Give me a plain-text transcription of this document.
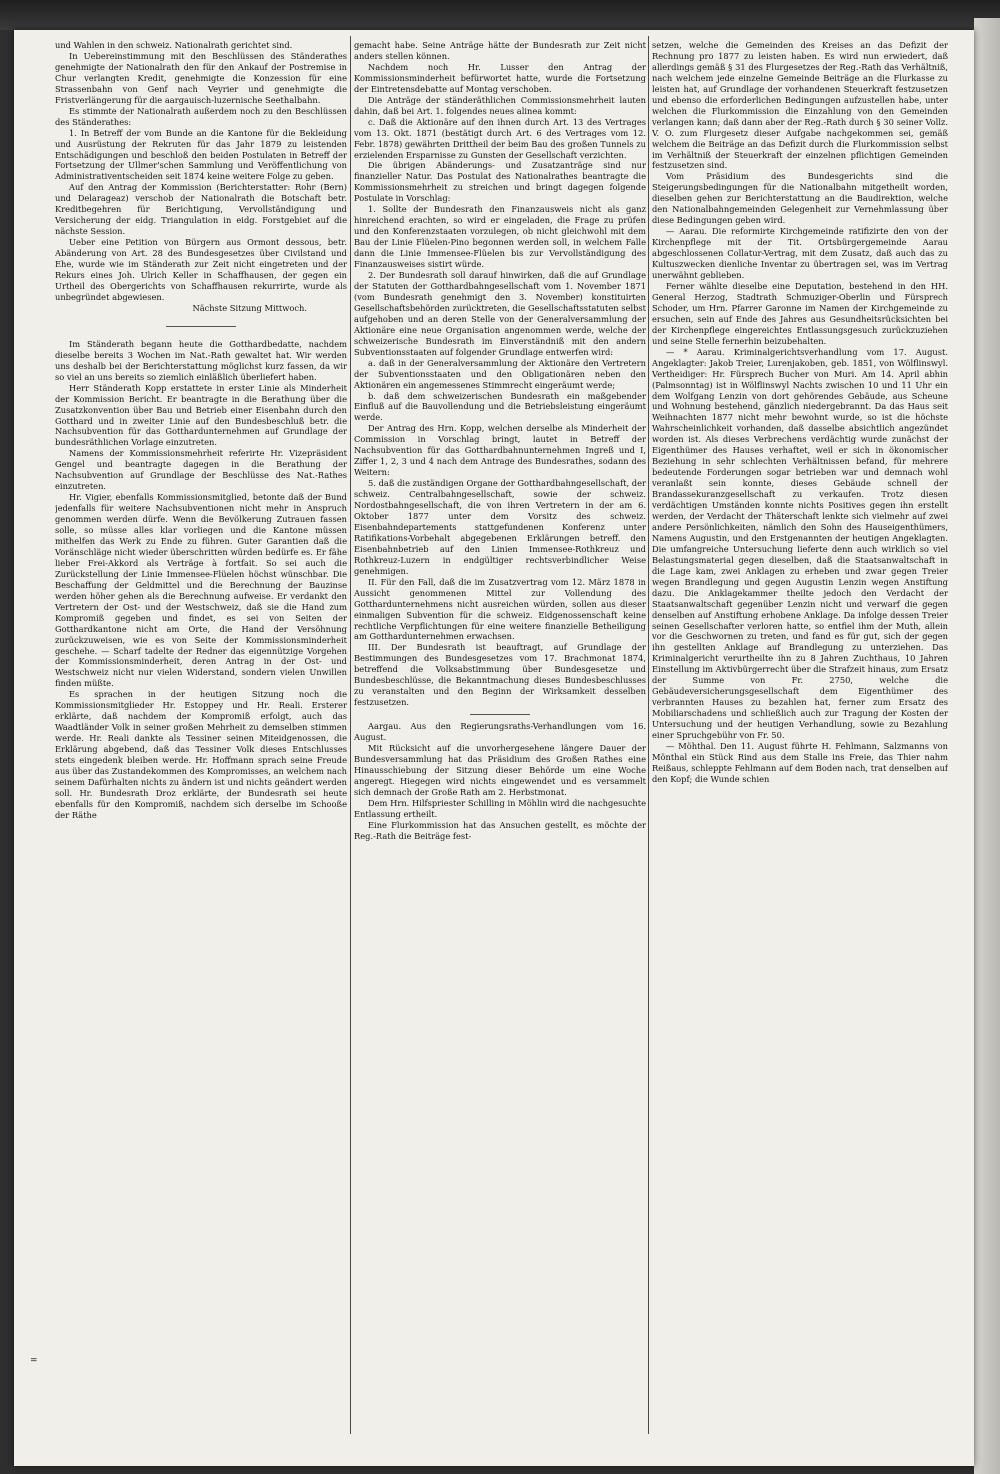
und Wahlen in den schweiz. Nationalrath gerichtet sind.

In Uebereinstimmung mit den Beschlüssen des Ständerathes genehmigte der Nationalrath den für den Ankauf der Postremise in Chur verlangten Kredit, genehmigte die Konzession für eine Strassenbahn von Genf nach Veyrier und genehmigte die Fristverlängerung für die aargauisch-luzernische Seethalbahn.

Es stimmte der Nationalrath außerdem noch zu den Beschlüssen des Ständerathes:

1. In Betreff der vom Bunde an die Kantone für die Bekleidung und Ausrüstung der Rekruten für das Jahr 1879 zu leistenden Entschädigungen und beschloß den beiden Postulaten in Betreff der Fortsetzung der Ullmer'schen Sammlung und Veröffentlichung von Administrativentscheiden seit 1874 keine weitere Folge zu geben.

Auf den Antrag der Kommission (Berichterstatter: Rohr (Bern) und Delarageaz) verschob der Nationalrath die Botschaft betr. Kreditbegehren für Berichtigung, Vervollständigung und Versicherung der eidg. Triangulation in eidg. Forstgebiet auf die nächste Session.

Ueber eine Petition von Bürgern aus Ormont dessous, betr. Abänderung von Art. 28 des Bundesgesetzes über Civilstand und Ehe, wurde wie im Ständerath zur Zeit nicht eingetreten und der Rekurs eines Joh. Ulrich Keller in Schaffhausen, der gegen ein Urtheil des Obergerichts von Schaffhausen rekurrirte, wurde als unbegründet abgewiesen.

Nächste Sitzung Mittwoch.

Im Ständerath begann heute die Gotthardbedatte, nachdem dieselbe bereits 3 Wochen im Nat.-Rath gewaltet hat. Wir werden uns deshalb bei der Berichterstattung möglichst kurz fassen, da wir so viel an uns bereits so ziemlich einläßlich überliefert haben.

Herr Ständerath Kopp erstattete in erster Linie als Minderheit der Kommission Bericht. Er beantragte in die Berathung über die Zusatzkonvention über Bau und Betrieb einer Eisenbahn durch den Gotthard und in zweiter Linie auf den Bundesbeschluß betr. die Nachsubvention für das Gotthardunternehmen auf Grundlage der bundesräthlichen Vorlage einzutreten.

Namens der Kommissionsmehrheit referirte Hr. Vizepräsident Gengel und beantragte dagegen in die Berathung der Nachsubvention auf Grundlage der Beschlüsse des Nat.-Rathes einzutreten.

Hr. Vigier, ebenfalls Kommissionsmitglied, betonte daß der Bund jedenfalls für weitere Nachsubventionen nicht mehr in Anspruch genommen werden dürfe. Wenn die Bevölkerung Zutrauen fassen solle, so müsse alles klar vorliegen und die Kantone müssen mithelfen das Werk zu Ende zu führen. Guter Garantien daß die Voränschläge nicht wieder überschritten würden bedürfe es. Er fähe lieber Frei-Akkord als Verträge à fortfait. So sei auch die Zurückstellung der Linie Immensee-Flüelen höchst wünschbar. Die Beschaffung der Geldmittel und die Berechnung der Bauzinse werden höher gehen als die Berechnung aufweise. Er verdankt den Vertretern der Ost- und der Westschweiz, daß sie die Hand zum Kompromiß gegeben und findet, es sei von Seiten der Gotthardkantone nicht am Orte, die Hand der Versöhnung zurückzuweisen, wie es von Seite der Kommissionsminderheit geschehe. — Scharf tadelte der Redner das eigennützige Vorgehen der Kommissionsminderheit, deren Antrag in der Ost- und Westschweiz nicht nur vielen Widerstand, sondern vielen Unwillen finden müßte.

Es sprachen in der heutigen Sitzung noch die Kommissionsmitglieder Hr. Estoppey und Hr. Reali. Ersterer erklärte, daß nachdem der Kompromiß erfolgt, auch das Waadtländer Volk in seiner großen Mehrheit zu demselben stimmen werde. Hr. Reali dankte als Tessiner seinen Miteidgenossen, die Erklärung abgebend, daß das Tessiner Volk dieses Entschlusses stets eingedenk bleiben werde. Hr. Hoffmann sprach seine Freude aus über das Zustandekommen des Kompromisses, an welchem nach seinem Dafürhalten nichts zu ändern ist und nichts geändert werden soll. Hr. Bundesrath Droz erklärte, der Bundesrath sei heute ebenfalls für den Kompromiß, nachdem sich derselbe im Schooße der Räthe

gemacht habe. Seine Anträge hätte der Bundesrath zur Zeit nicht anders stellen können.

Nachdem noch Hr. Lusser den Antrag der Kommissionsminderheit befürwortet hatte, wurde die Fortsetzung der Eintretensdebatte auf Montag verschoben.

Die Anträge der ständeräthlichen Commissionsmehrheit lauten dahin, daß bei Art. 1. folgendes neues alinea kommt:

c. Daß die Aktionäre auf den ihnen durch Art. 13 des Vertrages vom 13. Okt. 1871 (bestätigt durch Art. 6 des Vertrages vom 12. Febr. 1878) gewährten Drittheil der beim Bau des großen Tunnels zu erzielenden Ersparnisse zu Gunsten der Gesellschaft verzichten.

Die übrigen Abänderungs- und Zusatzanträge sind nur finanzieller Natur. Das Postulat des Nationalrathes beantragte die Kommissionsmehrheit zu streichen und bringt dagegen folgende Postulate in Vorschlag:

1. Sollte der Bundesrath den Finanzausweis nicht als ganz hinreichend erachten, so wird er eingeladen, die Frage zu prüfen und den Konferenzstaaten vorzulegen, ob nicht gleichwohl mit dem Bau der Linie Flüelen-Pino begonnen werden soll, in welchem Falle dann die Linie Immensee-Flüelen bis zur Vervollständigung des Finanzausweises sistirt würde.

2. Der Bundesrath soll darauf hinwirken, daß die auf Grundlage der Statuten der Gotthardbahngesellschaft vom 1. November 1871 (vom Bundesrath genehmigt den 3. November) konstituirten Gesellschaftsbehörden zurücktreten, die Gesellschaftsstatuten selbst aufgehoben und an deren Stelle von der Generalversammlung der Aktionäre eine neue Organisation angenommen werde, welche der schweizerische Bundesrath im Einverständniß mit den andern Subventionsstaaten auf folgender Grundlage entwerfen wird:

a. daß in der Generalversammlung der Aktionäre den Vertretern der Subventionsstaaten und den Obligationären neben den Aktionären ein angemessenes Stimmrecht eingeräumt werde;

b. daß dem schweizerischen Bundesrath ein maßgebender Einfluß auf die Bauvollendung und die Betriebsleistung eingeräumt werde.

Der Antrag des Hrn. Kopp, welchen derselbe als Minderheit der Commission in Vorschlag bringt, lautet in Betreff der Nachsubvention für das Gotthardbahnunternehmen Ingreß und I, Ziffer 1, 2, 3 und 4 nach dem Antrage des Bundesrathes, sodann des Weitern:

5. daß die zuständigen Organe der Gotthardbahngesellschaft, der schweiz. Centralbahngesellschaft, sowie der schweiz. Nordostbahngesellschaft, die von ihren Vertretern in der am 6. Oktober 1877 unter dem Vorsitz des schweiz. Eisenbahndepartements stattgefundenen Konferenz unter Ratifikations-Vorbehalt abgegebenen Erklärungen betreff. den Eisenbahnbetrieb auf den Linien Immensee-Rothkreuz und Rothkreuz-Luzern in endgültiger rechtsverbindlicher Weise genehmigen.

II. Für den Fall, daß die im Zusatzvertrag vom 12. März 1878 in Aussicht genommenen Mittel zur Vollendung des Gotthardunternehmens nicht ausreichen würden, sollen aus dieser einmaligen Subvention für die schweiz. Eidgenossenschaft keine rechtliche Verpflichtungen für eine weitere finanzielle Betheiligung am Gotthardunternehmen erwachsen.

III. Der Bundesrath ist beauftragt, auf Grundlage der Bestimmungen des Bundesgesetzes vom 17. Brachmonat 1874, betreffend die Volksabstimmung über Bundesgesetze und Bundesbeschlüsse, die Bekanntmachung dieses Bundesbeschlusses zu veranstalten und den Beginn der Wirksamkeit desselben festzusetzen.

Aargau. Aus den Regierungsraths-Verhandlungen vom 16. August.

Mit Rücksicht auf die unvorhergesehene längere Dauer der Bundesversammlung hat das Präsidium des Großen Rathes eine Hinausschiebung der Sitzung dieser Behörde um eine Woche angeregt. Hiegegen wird nichts eingewendet und es versammelt sich demnach der Große Rath am 2. Herbstmonat.

Dem Hrn. Hilfspriester Schilling in Möhlin wird die nachgesuchte Entlassung ertheilt.

Eine Flurkommission hat das Ansuchen gestellt, es möchte der Reg.-Rath die Beiträge fest-

setzen, welche die Gemeinden des Kreises an das Defizit der Rechnung pro 1877 zu leisten haben. Es wird nun erwiedert, daß allerdings gemäß § 31 des Flurgesetzes der Reg.-Rath das Verhältniß, nach welchem jede einzelne Gemeinde Beiträge an die Flurkasse zu leisten hat, auf Grundlage der vorhandenen Steuerkraft festzusetzen und ebenso die erforderlichen Bedingungen aufzustellen habe, unter welchen die Flurkommission die Einzahlung von den Gemeinden verlangen kann; daß dann aber der Reg.-Rath durch § 30 seiner Vollz. V. O. zum Flurgesetz dieser Aufgabe nachgekommen sei, gemäß welchem die Beiträge an das Defizit durch die Flurkommission selbst im Verhältniß der Steuerkraft der einzelnen pflichtigen Gemeinden festzusetzen sind.

Vom Präsidium des Bundesgerichts sind die Steigerungsbedingungen für die Nationalbahn mitgetheilt worden, dieselben gehen zur Berichterstattung an die Baudirektion, welche den Nationalbahngemeinden Gelegenheit zur Vernehmlassung über diese Bedingungen geben wird.

— Aarau. Die reformirte Kirchgemeinde ratifizirte den von der Kirchenpflege mit der Tit. Ortsbürgergemeinde Aarau abgeschlossenen Collatur-Vertrag, mit dem Zusatz, daß auch das zu Kultuszwecken dienliche Inventar zu übertragen sei, was im Vertrag unerwähnt geblieben.

Ferner wählte dieselbe eine Deputation, bestehend in den HH. General Herzog, Stadtrath Schmuziger-Oberlin und Fürsprech Schoder, um Hrn. Pfarrer Garonne im Namen der Kirchgemeinde zu ersuchen, sein auf Ende des Jahres aus Gesundheitsrücksichten bei der Kirchenpflege eingereichtes Entlassungsgesuch zurückzuziehen und seine Stelle fernerhin beizubehalten.

— * Aarau. Kriminalgerichtsverhandlung vom 17. August. Angeklagter: Jakob Treier, Lurenjakoben, geb. 1851, von Wölflinswyl. Vertheidiger: Hr. Fürsprech Bucher von Muri. Am 14. April abhin (Palmsonntag) ist in Wölflinswyl Nachts zwischen 10 und 11 Uhr ein dem Wolfgang Lenzin von dort gehörendes Gebäude, aus Scheune und Wohnung bestehend, gänzlich niedergebrannt. Da das Haus seit Weihnachten 1877 nicht mehr bewohnt wurde, so ist die höchste Wahrscheinlichkeit vorhanden, daß dasselbe absichtlich angezündet worden ist. Als dieses Verbrechens verdächtig wurde zunächst der Eigenthümer des Hauses verhaftet, weil er sich in ökonomischer Beziehung in sehr schlechten Verhältnissen befand, für mehrere bedeutende Forderungen sogar betrieben war und demnach wohl veranlaßt sein konnte, dieses Gebäude schnell der Brandassekuranzgesellschaft zu verkaufen. Trotz diesen verdächtigen Umständen konnte nichts Positives gegen ihn erstellt werden, der Verdacht der Thäterschaft lenkte sich vielmehr auf zwei andere Persönlichkeiten, nämlich den Sohn des Hauseigenthümers, Namens Augustin, und den Erstgenannten der heutigen Angeklagten. Die umfangreiche Untersuchung lieferte denn auch wirklich so viel Belastungsmaterial gegen dieselben, daß die Staatsanwaltschaft in die Lage kam, zwei Anklagen zu erheben und zwar gegen Treier wegen Brandlegung und gegen Augustin Lenzin wegen Anstiftung dazu. Die Anklagekammer theilte jedoch den Verdacht der Staatsanwaltschaft gegenüber Lenzin nicht und verwarf die gegen denselben auf Anstiftung erhobene Anklage. Da infolge dessen Treier seinen Gesellschafter verloren hatte, so entfiel ihm der Muth, allein vor die Geschwornen zu treten, und fand es für gut, sich der gegen ihn gestellten Anklage auf Brandlegung zu unterziehen. Das Kriminalgericht verurtheilte ihn zu 8 Jahren Zuchthaus, 10 Jahren Einstellung im Aktivbürgerrecht über die Strafzeit hinaus, zum Ersatz der Summe von Fr. 2750, welche die Gebäudeversicherungsgesellschaft dem Eigenthümer des verbrannten Hauses zu bezahlen hat, ferner zum Ersatz des Mobiliarschadens und schließlich auch zur Tragung der Kosten der Untersuchung und der heutigen Verhandlung, sowie zu Bezahlung einer Spruchgebühr von Fr. 50.

— Möhthal. Den 11. August führte H. Fehlmann, Salzmanns von Mönthal ein Stück Rind aus dem Stalle ins Freie, das Thier nahm Reißaus, schleppte Fehlmann auf dem Boden nach, trat denselben auf den Kopf; die Wunde schien

=
